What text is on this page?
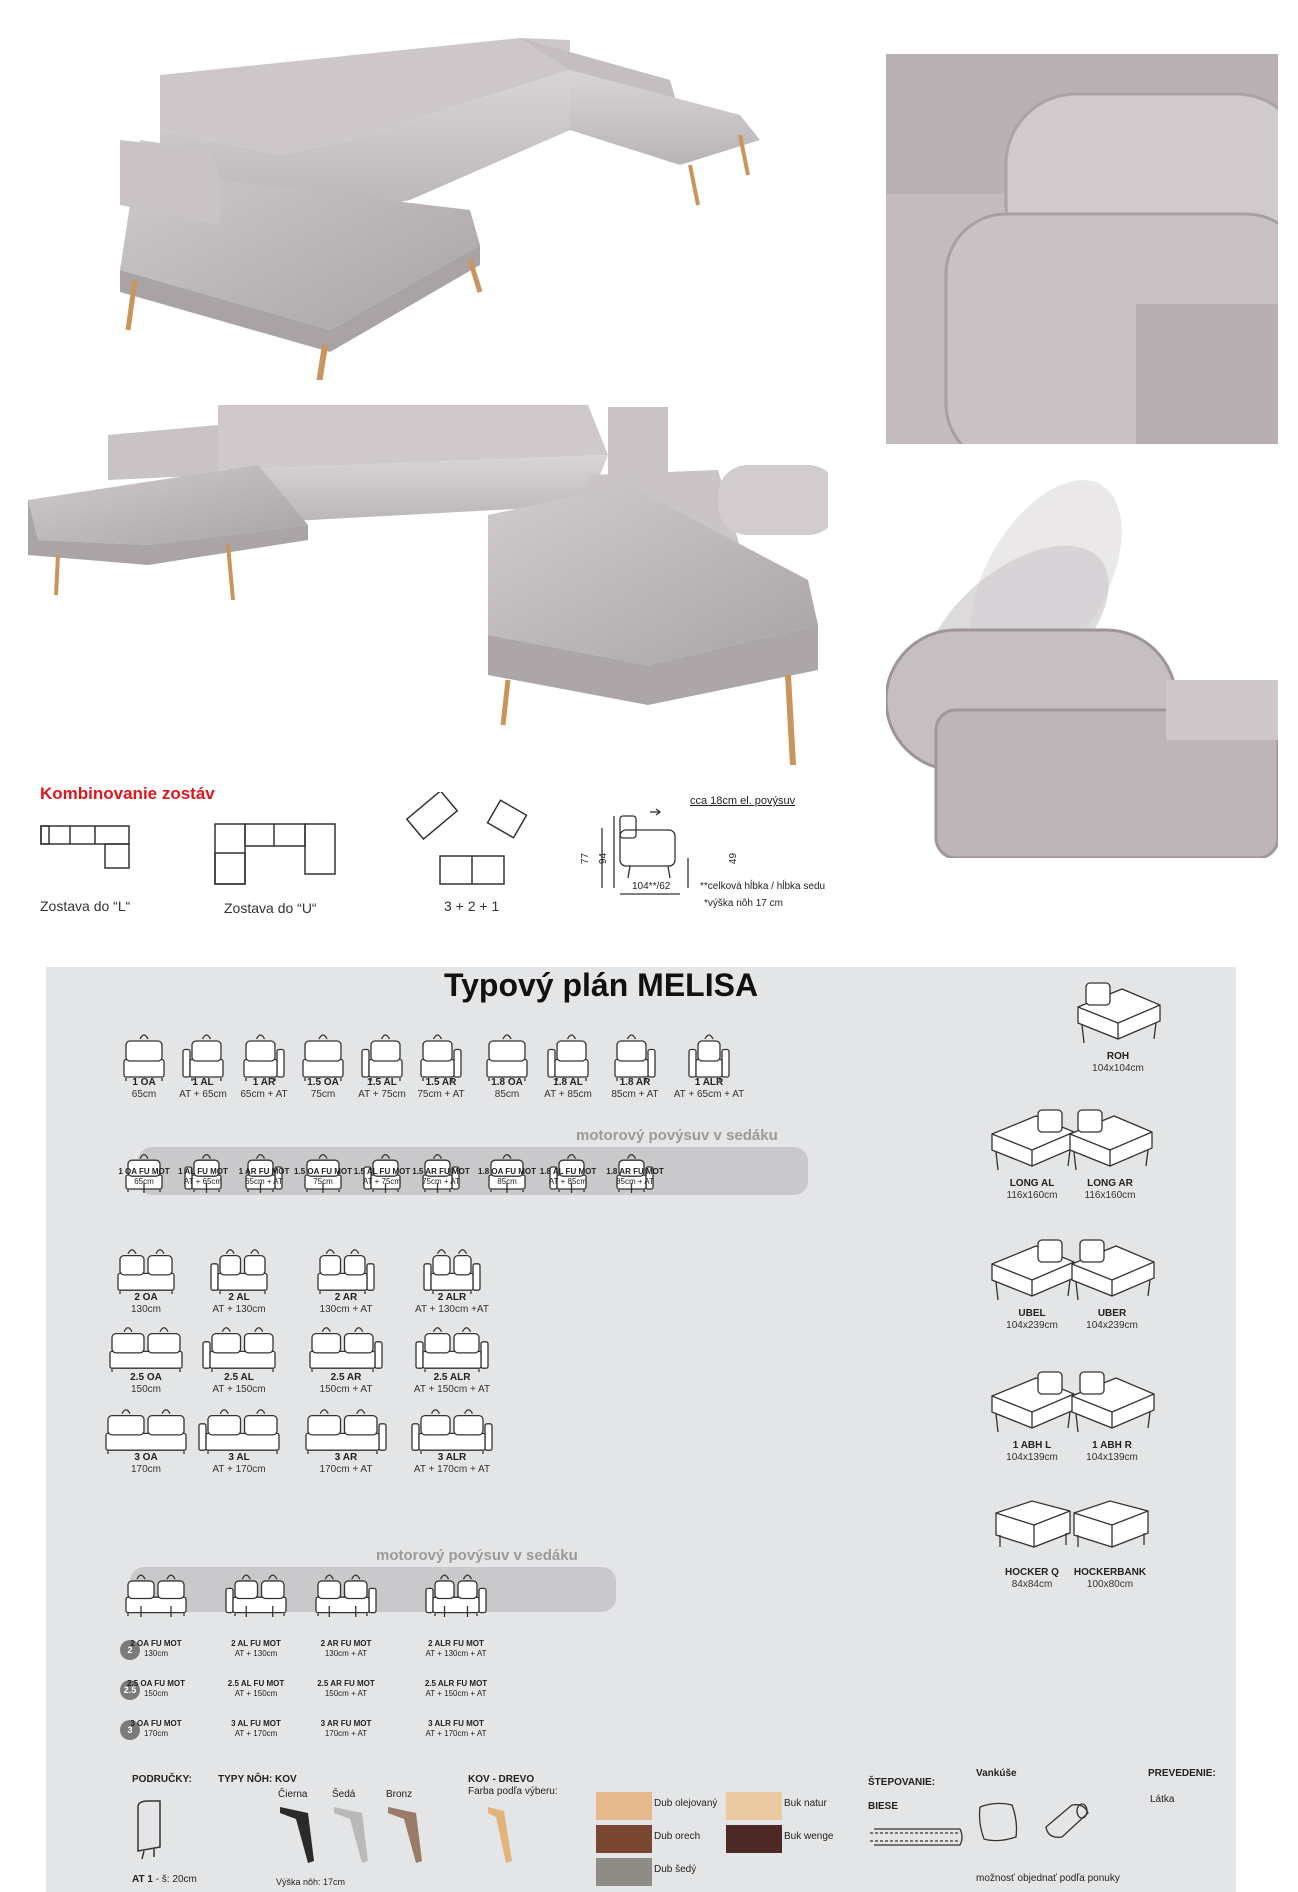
Kombinovanie zostáv
Zostava do “L“	Zostava do “U“	3 + 2 + 1
cca 18cm el. povýsuv
77 94	49
104**/62	**celková hĺbka / hĺbka sedu
*výška nôh 17 cm
Typový plán MELISA
1 OA
65cm
1 AL
AT + 65cm
1 AR
65cm + AT
1.5 OA
75cm
1.5 AL
AT + 75cm
1.5 AR
75cm + AT
1.8 OA
85cm
1.8 AL
AT + 85cm
1.8 AR
85cm + AT
1 ALR
AT + 65cm + AT
motorový povýsuv v sedáku
1 OA FU MOT
65cm
1 AL FU MOT
AT + 65cm
1 AR FU MOT
65cm + AT
1.5 OA FU MOT
75cm
1.5 AL FU MOT
AT + 75cm
1.5 AR FU MOT
75cm + AT
1.8 OA FU MOT
85cm
1.8 AL FU MOT
AT + 85cm
1.8 AR FU MOT
85cm + AT
2 OA
130cm
2 AL
AT + 130cm
2 AR
130cm + AT
2 ALR
AT + 130cm +AT
2.5 OA
150cm
2.5 AL
AT + 150cm
2.5 AR
150cm + AT
2.5 ALR
AT + 150cm + AT
3 OA
170cm
3 AL
AT + 170cm
3 AR
170cm + AT
3 ALR
AT + 170cm + AT
motorový povýsuv v sedáku
2
2.5
3
2 OA FU MOT
130cm
2 AL FU MOT
AT + 130cm
2 AR FU MOT
130cm + AT
2 ALR FU MOT
AT + 130cm + AT
2.5 OA FU MOT
150cm
2.5 AL FU MOT
AT + 150cm
2.5 AR FU MOT
150cm + AT
2.5 ALR FU MOT
AT + 150cm + AT
3 OA FU MOT
170cm
3 AL FU MOT
AT + 170cm
3 AR FU MOT
170cm + AT
3 ALR FU MOT
AT + 170cm + AT
ROH
104x104cm
LONG AL
116x160cm
LONG AR
116x160cm
UBEL
104x239cm
UBER
104x239cm
1 ABH L
104x139cm
1 ABH R
104x139cm
HOCKER Q
84x84cm
HOCKERBANK
100x80cm
PODRUČKY:
AT 1 - š: 20cm
TYPY NÔH: KOV
Čierna Šedá	Bronz
Výška nôh: 17cm
KOV - DREVO
Farba podľa výberu:
Dub olejovaný
Dub orech
Dub šedý
Buk natur
Buk wenge
ŠTEPOVANIE:
BIESE
Vankúše
možnosť objednať podľa ponuky
PREVEDENIE:
Látka
